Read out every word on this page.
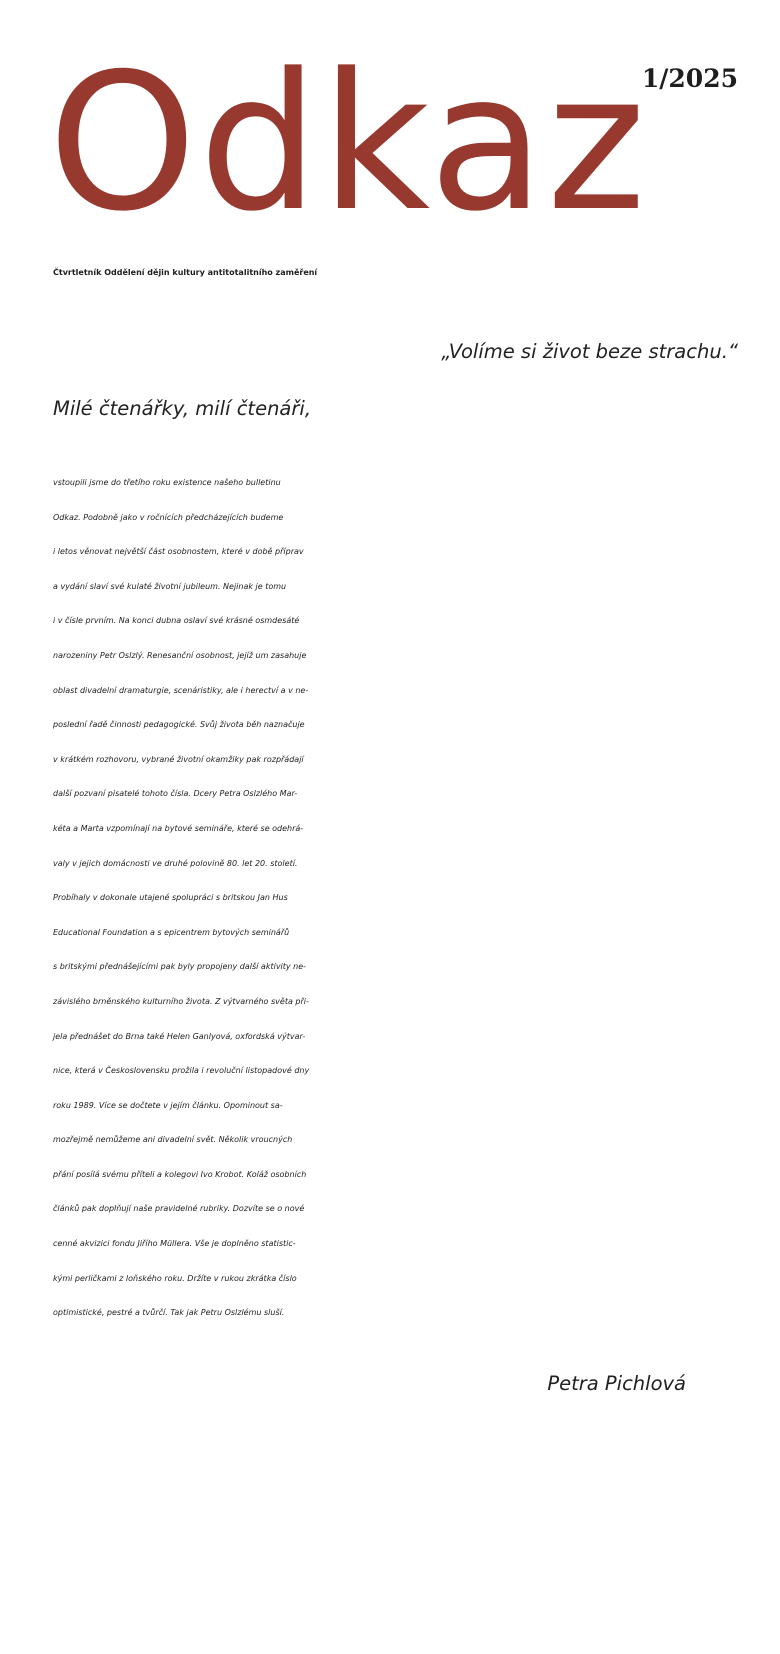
Odkaz
1/2025
Čtvrtletník Oddělení dějin kultury antitotalitního zaměření
„Volíme si život beze strachu.“
Milé čtenářky, milí čtenáři,
vstoupili jsme do třetího roku existence našeho bulletinu
Odkaz. Podobně jako v ročnících předcházejících budeme
i letos věnovat největší část osobnostem, které v době příprav
a vydání slaví své kulaté životní jubileum. Nejinak je tomu
i v čísle prvním. Na konci dubna oslaví své krásné osmdesáté
narozeniny Petr Oslzlý. Renesanční osobnost, jejíž um zasahuje
oblast divadelní dramaturgie, scenáristiky, ale i herectví a v ne-
poslední řadě činnosti pedagogické. Svůj života běh naznačuje
v krátkém rozhovoru, vybrané životní okamžiky pak rozpřádají
další pozvaní pisatelé tohoto čísla. Dcery Petra Oslzlého Mar-
kéta a Marta vzpomínají na bytové semináře, které se odehrá-
valy v jejich domácnosti ve druhé polovině 80. let 20. století.
Probíhaly v dokonale utajené spolupráci s britskou Jan Hus
Educational Foundation a s epicentrem bytových seminářů
s britskými přednášejícími pak byly propojeny další aktivity ne-
závislého brněnského kulturního života. Z výtvarného světa při-
jela přednášet do Brna také Helen Ganlyová, oxfordská výtvar-
nice, která v Československu prožila i revoluční listopadové dny
roku 1989. Více se dočtete v jejím článku. Opominout sa-
mozřejmě nemůžeme ani divadelní svět. Několik vroucných
přání posílá svému příteli a kolegovi Ivo Krobot. Koláž osobních
článků pak doplňují naše pravidelné rubriky. Dozvíte se o nové
cenné akvizici fondu Jiřího Müllera. Vše je doplněno statistic-
kými perličkami z loňského roku. Držíte v rukou zkrátka číslo
optimistické, pestré a tvůrčí. Tak jak Petru Oslzlému sluší.
Petra Pichlová
